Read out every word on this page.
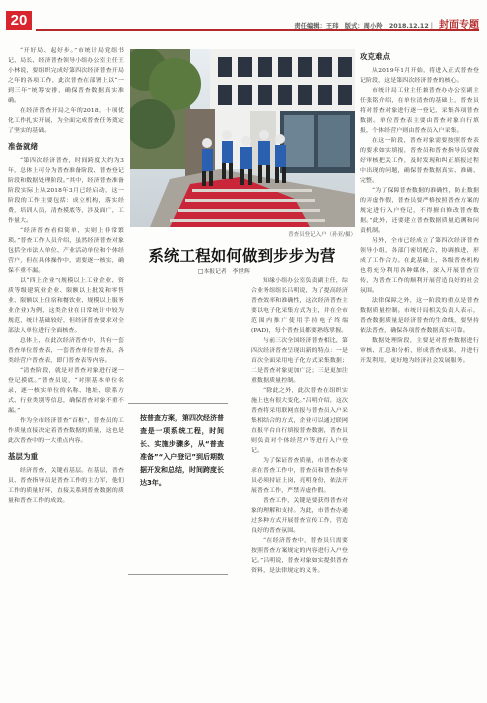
20	责任编辑：王玮　版式：周小羚　2018.12.12｜ 封面专题

“开好局、起好步。”市统计局党组书记、局长、经济普查领导小组办公室主任王小林说，要组织完成好第四次经济普查开局之年的各项工作，此次普查在部署上以“一到三年”统筹安排，确保普查数据真实准确。

在经济普查开局之年的2018，十项优化工作扎实开展，为全面完成普查任务奠定了坚实的基础。

准备就绪

“第四次经济普查，时间跨度大约为3年，总体上可分为普查准备阶段、普查登记阶段和数据处理阶段。”其中，经济普查准备阶段实际上从2018年3月已经启动，这一阶段的工作主要包括：成立机构，落实经费，培训人员，清查摸底等，涉及面广，工作量大。

“经济普查看似简单，实则上非常繁琐。”普查工作人员介绍，虽然经济普查对象包括全市法人单位、产业活动单位和个体经营户，但在具体操作中，需要逐一核实，确保不重不漏。

以“四上企业”(规模以上工业企业、资质等级建筑业企业、限额以上批发和零售业、限额以上住宿和餐饮业、规模以上服务业企业)为例，这类企业在日常统计中较为规范，统计基础较好，但经济普查要求对全部法人单位进行全面核查。

总体上，在此次经济普查中，共有一套普查单位普查表，一套普查单位普查表，各类经营户普查表，即门普查表等内容。

“清查阶段，就是对普查对象进行逐一登记摸底。”普查员说，“对照基本单位名录，逐一核实单位的名称、地址、联系方式、行业类别等信息，确保普查对象不重不漏。”

作为全市经济普查“首枢”，普查员的工作质量直接决定着普查数据的质量，这也是此次普查中的一大重点内容。

基层为重

经济普查，关键看基层。在基层，普查员、普查指导员是普查工作的主力军，他们工作的质量好坏，直接关系到普查数据的质量和普查工作的成效。

普查员登记入户（孙亚/摄）
系统工程如何做到步步为营
□本报记者　李世辉

知缘小组办公室负责副主任，综合业务组组长吕明说，为了提高经济普查效率和准确性，这次经济普查主要以电子化采集方式为主，并在全市范围内推广使用手持电子终端(PAD)，每个普查员都要熟练掌握。

与前三次全国经济普查相比，第四次经济普查呈现出新的特点：一是首次全面采用电子化方式采集数据；二是普查对象更加广泛；三是更加注重数据质量控制。

“除此之外，此次普查在组织实施上也有很大变化。”吕明介绍，这次普查将采用联网直报与普查员入户采集相结合的方式，企业可以通过联网直报平台自行填报普查数据，普查员则负责对个体经营户等进行入户登记。

为了保证普查质量，市普查办要求在普查工作中，普查员和普查指导员必须持证上岗，亮明身份，依法开展普查工作，严禁弄虚作假。

普查工作，关键是要获得普查对象的理解和支持。为此，市普查办通过多种方式开展普查宣传工作，营造良好的普查氛围。

“在经济普查中，普查员只需要按照普查方案规定的内容进行入户登记。”吕明说，普查对象如实提供普查资料，是法律规定的义务。

按普查方案，第四次经济普查是一项系统工程，时间长、实施步骤多，从“普查准备”“入户登记”到后期数据开发和总结，时间跨度长达3年。
攻克难点

从2019年1月开始，将进入正式普查登记阶段，这是第四次经济普查的核心。

市统计局工业主任兼普查办办公室副主任张铭介绍，在单位清查的基础上，普查员将对普查对象进行逐一登记，采集各项普查数据。单位普查表主要由普查对象自行填报，个体经营户则由普查员入户采集。

在这一阶段，普查对象需要按照普查表的要求如实填报，普查员和普查指导员要做好审核把关工作，及时发现和纠正填报过程中出现的问题，确保普查数据真实、准确、完整。

“为了保障普查数据的准确性，防止数据的弄虚作假，普查员要严格按照普查方案的规定进行入户登记，不得擅自修改普查数据。”此外，还要建立普查数据质量追溯和问责机制。

另外，全市已经成立了第四次经济普查领导小组，各部门密切配合，协调推进，形成了工作合力。在此基础上，各级普查机构也将充分利用各种媒体，深入开展普查宣传，为普查工作的顺利开展营造良好的社会氛围。

法律保障之外，这一阶段的重点是普查数据质量控制。市统计局相关负责人表示，普查数据质量是经济普查的生命线，要坚持依法普查，确保各项普查数据真实可靠。

数据处理阶段，主要是对普查数据进行审核、汇总和分析，形成普查成果，并进行开发利用，更好地为经济社会发展服务。
